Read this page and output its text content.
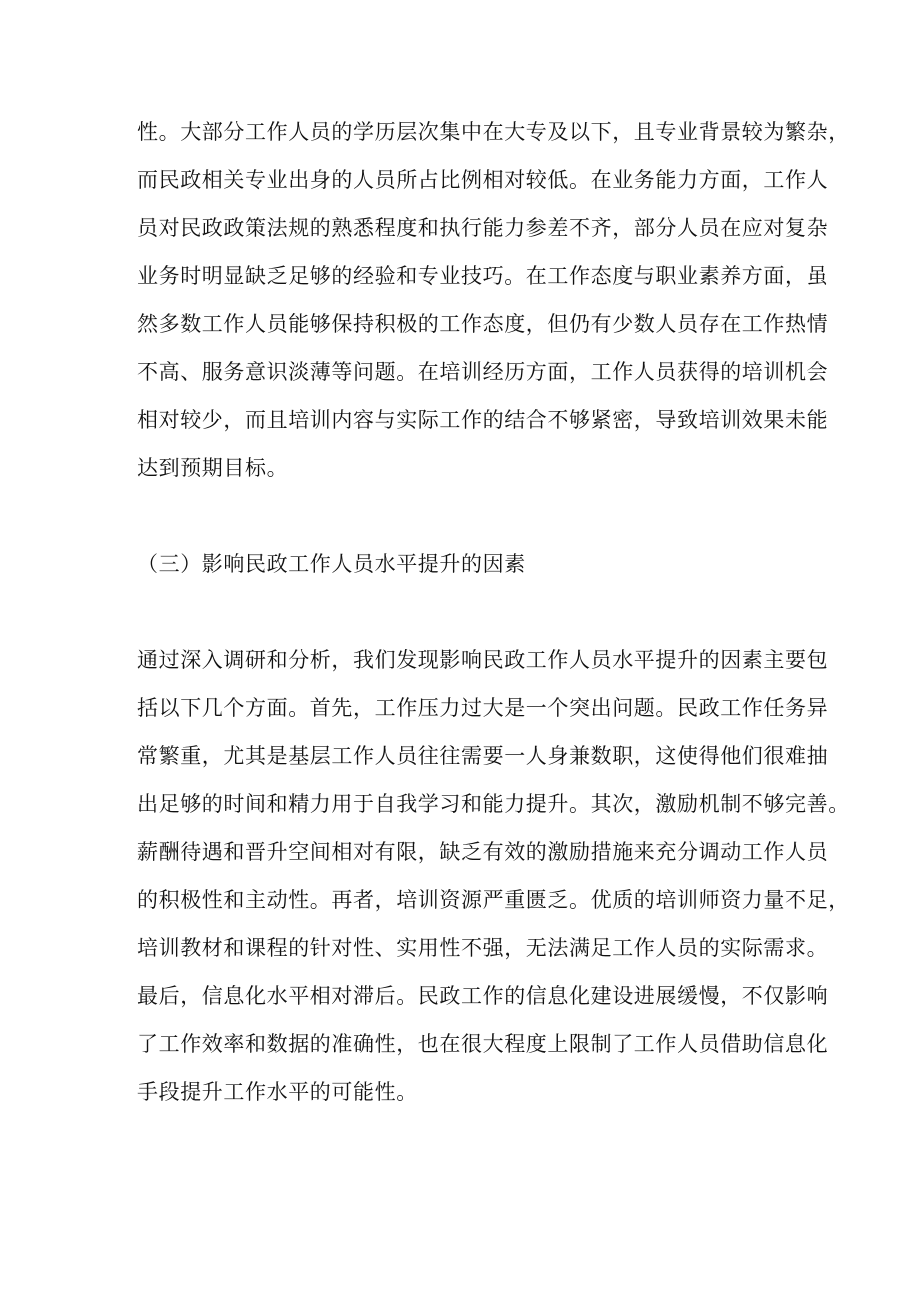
性。大部分工作人员的学历层次集中在大专及以下，且专业背景较为繁杂，
而民政相关专业出身的人员所占比例相对较低。在业务能力方面，工作人
员对民政政策法规的熟悉程度和执行能力参差不齐，部分人员在应对复杂
业务时明显缺乏足够的经验和专业技巧。在工作态度与职业素养方面，虽
然多数工作人员能够保持积极的工作态度，但仍有少数人员存在工作热情
不高、服务意识淡薄等问题。在培训经历方面，工作人员获得的培训机会
相对较少，而且培训内容与实际工作的结合不够紧密，导致培训效果未能
达到预期目标。
（三）影响民政工作人员水平提升的因素
通过深入调研和分析，我们发现影响民政工作人员水平提升的因素主要包
括以下几个方面。首先，工作压力过大是一个突出问题。民政工作任务异
常繁重，尤其是基层工作人员往往需要一人身兼数职，这使得他们很难抽
出足够的时间和精力用于自我学习和能力提升。其次，激励机制不够完善。
薪酬待遇和晋升空间相对有限，缺乏有效的激励措施来充分调动工作人员
的积极性和主动性。再者，培训资源严重匮乏。优质的培训师资力量不足，
培训教材和课程的针对性、实用性不强，无法满足工作人员的实际需求。
最后，信息化水平相对滞后。民政工作的信息化建设进展缓慢，不仅影响
了工作效率和数据的准确性，也在很大程度上限制了工作人员借助信息化
手段提升工作水平的可能性。
